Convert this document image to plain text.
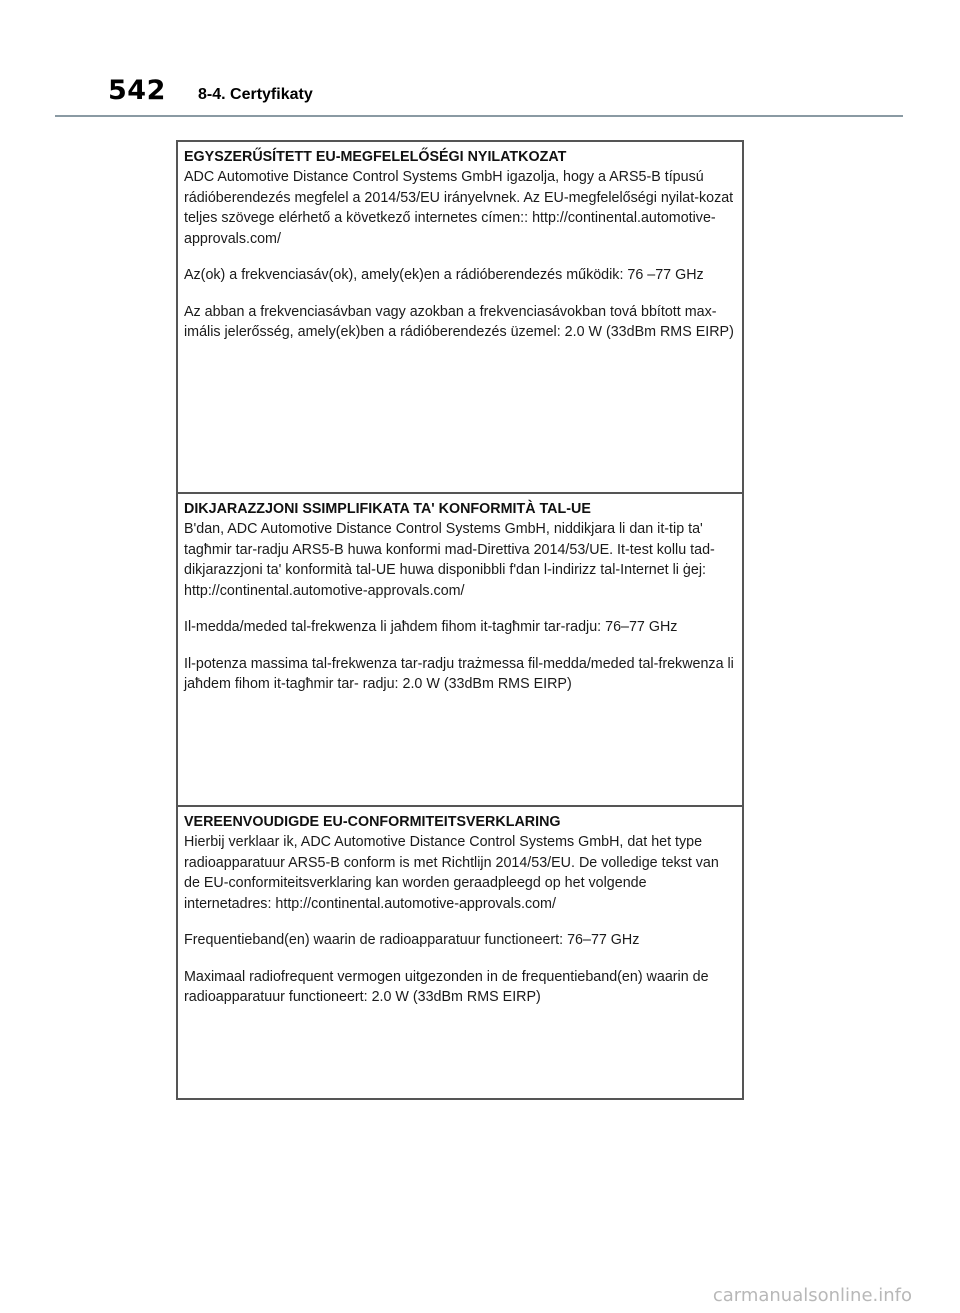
542 8-4. Certyfikaty
EGYSZERŰSÍTETT EU-MEGFELELŐSÉGI NYILATKOZAT

ADC Automotive Distance Control Systems GmbH igazolja, hogy a ARS5-B típusú rádióberendezés megfelel a 2014/53/EU irányelvnek. Az EU-megfelelőségi nyilat-kozat teljes szövege elérhető a következő internetes címen:: http://continental.automotive-approvals.com/

Az(ok) a frekvenciasáv(ok), amely(ek)en a rádióberendezés működik: 76 –77 GHz

Az abban a frekvenciasávban vagy azokban a frekvenciasávokban tová bbított max-imális jelerősség, amely(ek)ben a rádióberendezés üzemel: 2.0 W (33dBm RMS EIRP)

DIKJARAZZJONI SSIMPLIFIKATA TA' KONFORMITÀ TAL-UE

B'dan, ADC Automotive Distance Control Systems GmbH, niddikjara li dan it-tip ta' tagħmir tar-radju ARS5-B huwa konformi mad-Direttiva 2014/53/UE. It-test kollu tad-dikjarazzjoni ta' konformità tal-UE huwa disponibbli f'dan l-indirizz tal-Internet li ġej: http://continental.automotive-approvals.com/

Il-medda/meded tal-frekwenza li jaħdem fihom it-tagħmir tar-radju: 76–77 GHz

Il-potenza massima tal-frekwenza tar-radju trażmessa fil-medda/meded tal-frekwenza li jaħdem fihom it-tagħmir tar- radju: 2.0 W (33dBm RMS EIRP)

VEREENVOUDIGDE EU-CONFORMITEITSVERKLARING

Hierbij verklaar ik, ADC Automotive Distance Control Systems GmbH, dat het type radioapparatuur ARS5-B conform is met Richtlijn 2014/53/EU. De volledige tekst van de EU-conformiteitsverklaring kan worden geraadpleegd op het volgende internetadres: http://continental.automotive-approvals.com/

Frequentieband(en) waarin de radioapparatuur functioneert: 76–77 GHz

Maximaal radiofrequent vermogen uitgezonden in de frequentieband(en) waarin de radioapparatuur functioneert: 2.0 W (33dBm RMS EIRP)

carmanualsonline.info
